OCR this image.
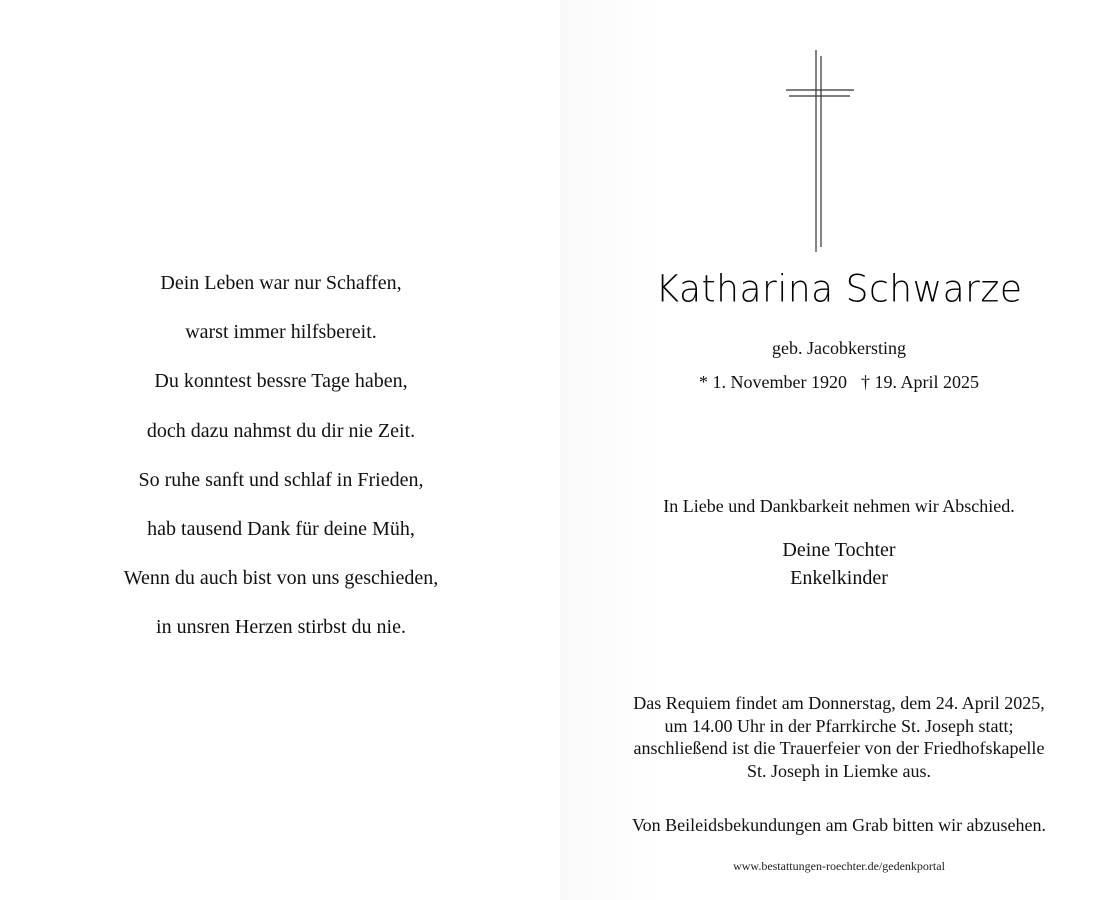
Dein Leben war nur Schaffen,
warst immer hilfsbereit.
Du konntest bessre Tage haben,
doch dazu nahmst du dir nie Zeit.
So ruhe sanft und schlaf in Frieden,
hab tausend Dank für deine Müh,
Wenn du auch bist von uns geschieden,
in unsren Herzen stirbst du nie.
Katharina Schwarze

geb. Jacobkersting

* 1. November 1920 † 19. April 2025

In Liebe und Dankbarkeit nehmen wir Abschied.

Deine Tochter
Enkelkinder
Das Requiem findet am Donnerstag, dem 24. April 2025,
um 14.00 Uhr in der Pfarrkirche St. Joseph statt;
anschließend ist die Trauerfeier von der Friedhofskapelle
St. Joseph in Liemke aus.

Von Beileidsbekundungen am Grab bitten wir abzusehen.

www.bestattungen-roechter.de/gedenkportal
